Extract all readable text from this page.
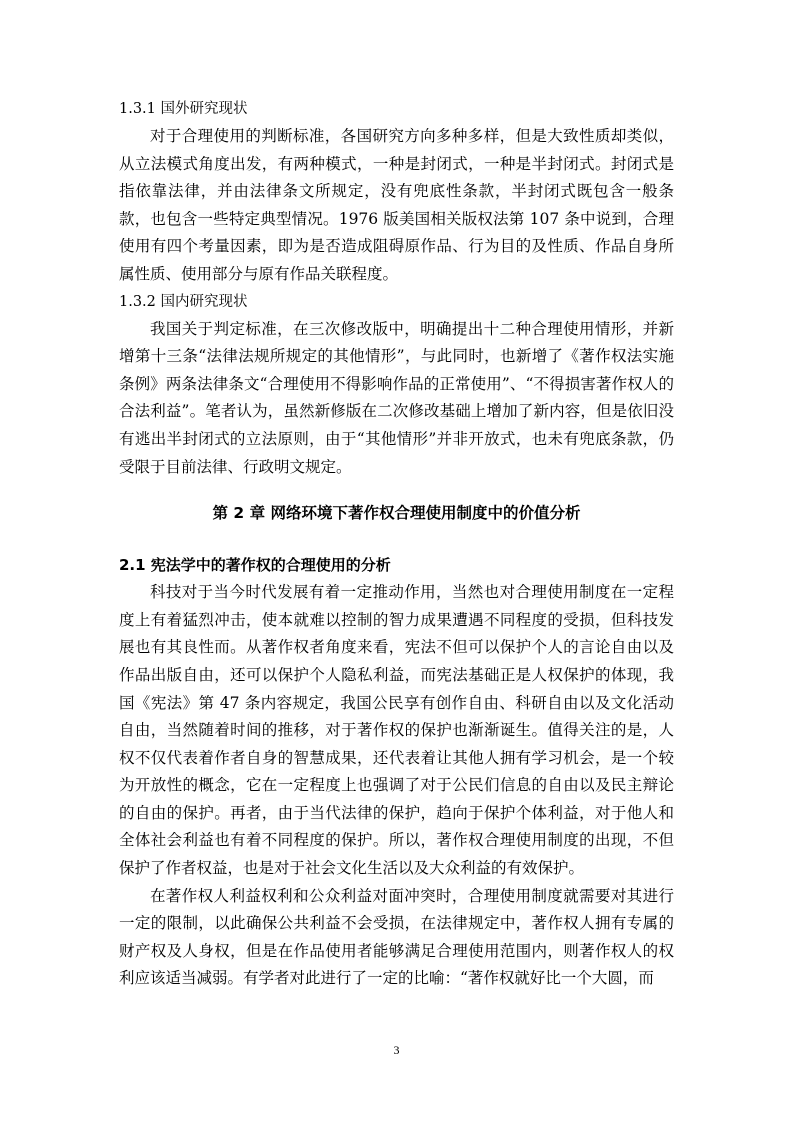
1.3.1 国外研究现状

对于合理使用的判断标准，各国研究方向多种多样，但是大致性质却类似，从立法模式角度出发，有两种模式，一种是封闭式，一种是半封闭式。封闭式是指依靠法律，并由法律条文所规定，没有兜底性条款，半封闭式既包含一般条款，也包含一些特定典型情况。1976 版美国相关版权法第 107 条中说到，合理使用有四个考量因素，即为是否造成阻碍原作品、行为目的及性质、作品自身所属性质、使用部分与原有作品关联程度。

1.3.2 国内研究现状

我国关于判定标准，在三次修改版中，明确提出十二种合理使用情形，并新增第十三条“法律法规所规定的其他情形”，与此同时，也新增了《著作权法实施条例》两条法律条文“合理使用不得影响作品的正常使用”、“不得损害著作权人的合法利益”。笔者认为，虽然新修版在二次修改基础上增加了新内容，但是依旧没有逃出半封闭式的立法原则，由于“其他情形”并非开放式，也未有兜底条款，仍受限于目前法律、行政明文规定。

第 2 章 网络环境下著作权合理使用制度中的价值分析
2.1 宪法学中的著作权的合理使用的分析

科技对于当今时代发展有着一定推动作用，当然也对合理使用制度在一定程度上有着猛烈冲击，使本就难以控制的智力成果遭遇不同程度的受损，但科技发展也有其良性而。从著作权者角度来看，宪法不但可以保护个人的言论自由以及作品出版自由，还可以保护个人隐私利益，而宪法基础正是人权保护的体现，我国《宪法》第 47 条内容规定，我国公民享有创作自由、科研自由以及文化活动自由，当然随着时间的推移，对于著作权的保护也渐渐诞生。值得关注的是，人权不仅代表着作者自身的智慧成果，还代表着让其他人拥有学习机会，是一个较为开放性的概念，它在一定程度上也强调了对于公民们信息的自由以及民主辩论的自由的保护。再者，由于当代法律的保护，趋向于保护个体利益，对于他人和全体社会利益也有着不同程度的保护。所以，著作权合理使用制度的出现，不但保护了作者权益，也是对于社会文化生活以及大众利益的有效保护。

在著作权人利益权利和公众利益对面冲突时，合理使用制度就需要对其进行一定的限制，以此确保公共利益不会受损，在法律规定中，著作权人拥有专属的财产权及人身权，但是在作品使用者能够满足合理使用范围内，则著作权人的权利应该适当减弱。有学者对此进行了一定的比喻：“著作权就好比一个大圆，而

3
